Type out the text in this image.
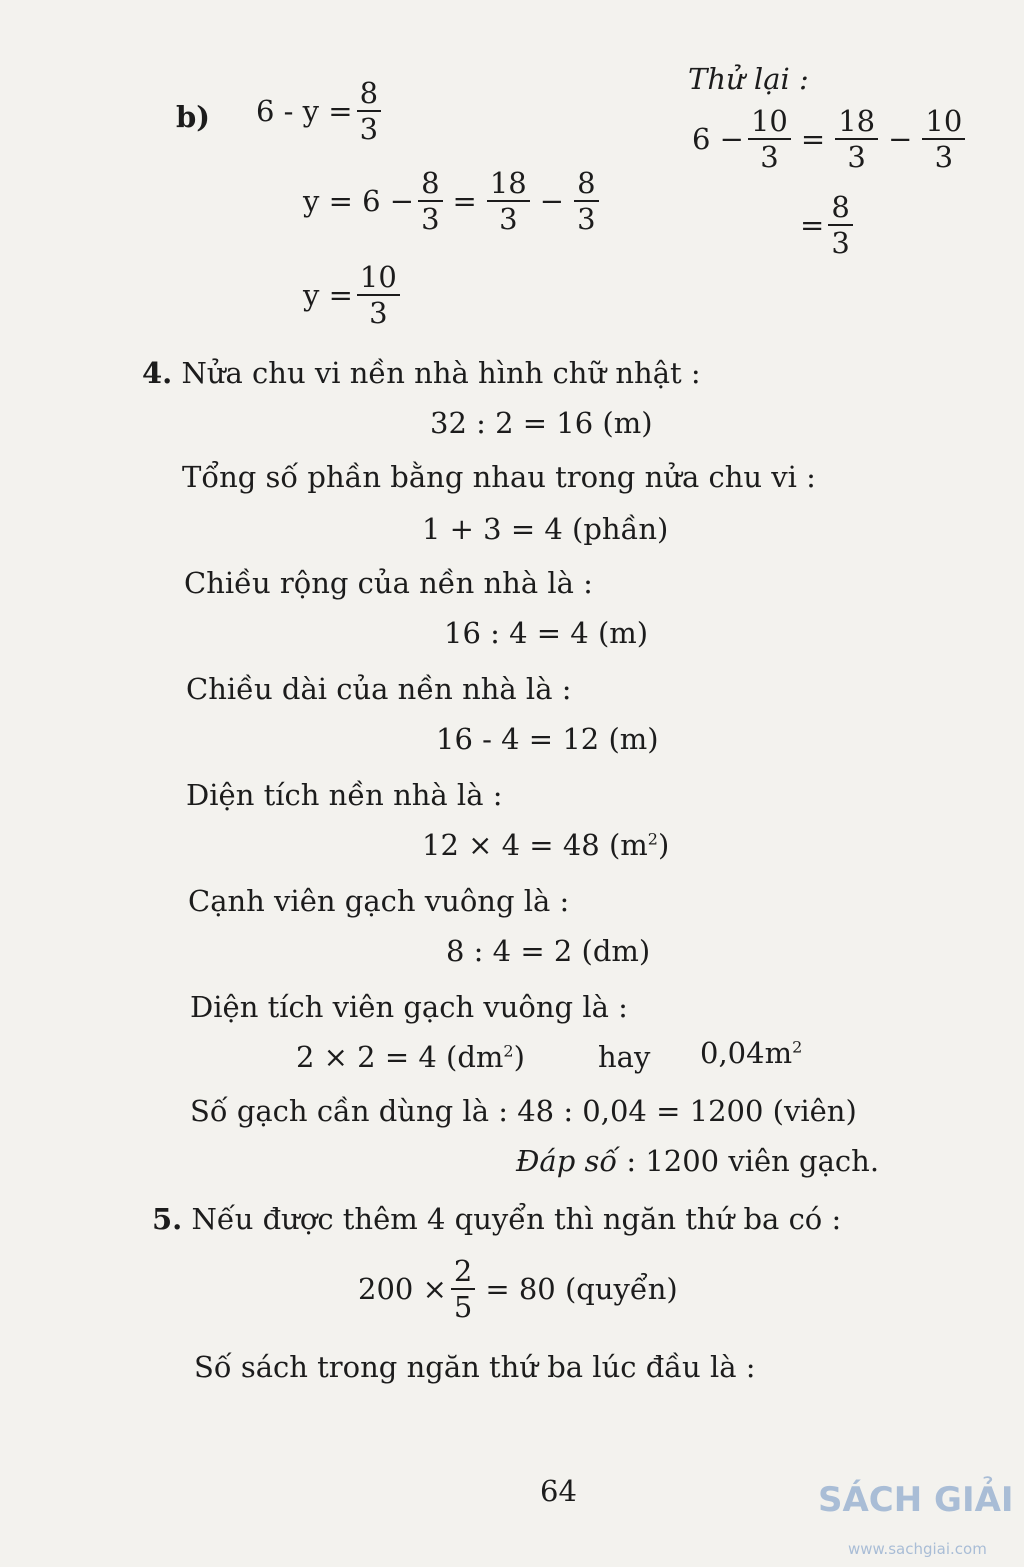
b) $6 - y = \frac{8}{3}$
$y = 6 - \frac{8}{3} = \frac{18}{3} - \frac{8}{3}$
$y = \frac{10}{3}$
Thử lại :
$6 - \frac{10}{3} = \frac{18}{3} - \frac{10}{3}$
= $\frac{8}{3}$
4. Nửa chu vi nền nhà hình chữ nhật :
32 : 2 = 16 (m)
Tổng số phần bằng nhau trong nửa chu vi :
1 + 3 = 4 (phần)
Chiều rộng của nền nhà là :
16 : 4 = 4 (m)
Chiều dài của nền nhà là :
16 - 4 = 12 (m)
Diện tích nền nhà là :
12 × 4 = 48 $(m^2)$
Cạnh viên gạch vuông là :
8 : 4 = 2 (dm)
Diện tích viên gạch vuông là :
2 × 2 = 4 $(dm^2)$	hay $0,04m^2$
Số gạch cần dùng là : 48 : 0,04 = 1200 (viên)
Đáp số : 1200 viên gạch.
5. Nếu được thêm 4 quyển thì ngăn thứ ba có :
$200 \times \frac{2}{5} = 80$ (quyển)
Số sách trong ngăn thứ ba lúc đầu là :
64	SÁCH GIẢI
www.sachgiai.com
